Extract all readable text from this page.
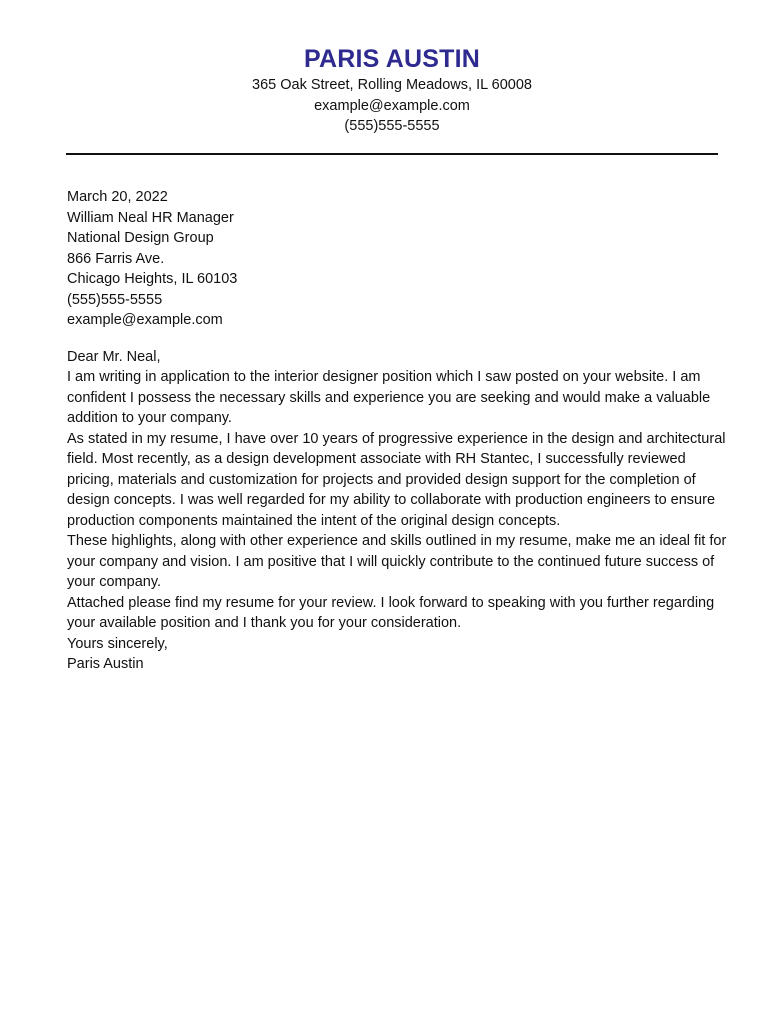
PARIS AUSTIN
365 Oak Street, Rolling Meadows, IL 60008
example@example.com
(555)555-5555

March 20, 2022

William Neal HR Manager

National Design Group

866 Farris Ave.

Chicago Heights, IL 60103

(555)555-5555

example@example.com

Dear Mr. Neal,

I am writing in application to the interior designer position which I saw posted on your website. I am confident I possess the necessary skills and experience you are seeking and would make a valuable addition to your company.

As stated in my resume, I have over 10 years of progressive experience in the design and architectural field. Most recently, as a design development associate with RH Stantec, I successfully reviewed pricing, materials and customization for projects and provided design support for the completion of design concepts. I was well regarded for my ability to collaborate with production engineers to ensure production components maintained the intent of the original design concepts.

These highlights, along with other experience and skills outlined in my resume, make me an ideal fit for your company and vision. I am positive that I will quickly contribute to the continued future success of your company.

Attached please find my resume for your review. I look forward to speaking with you further regarding your available position and I thank you for your consideration.

Yours sincerely,

Paris Austin
